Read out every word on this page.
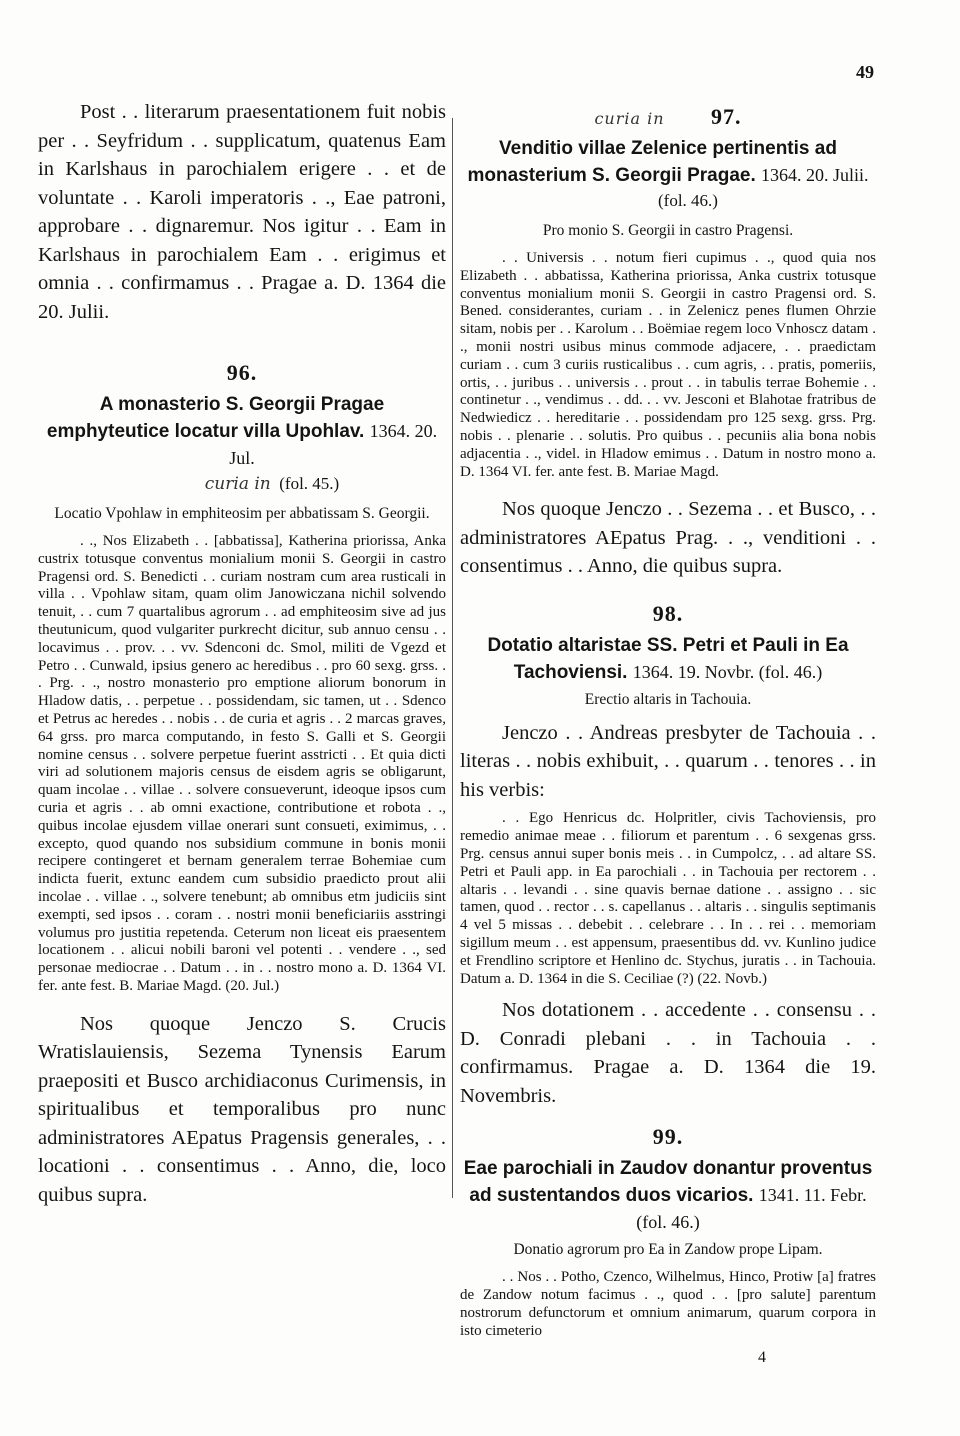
49

Post . . literarum praesentationem fuit nobis per . . Seyfridum . . supplicatum, quatenus Eam in Karlshaus in parochialem erigere . . et de voluntate . . Karoli imperatoris . ., Eae patroni, approbare . . dignaremur. Nos igitur . . Eam in Karlshaus in parochialem Eam . . erigimus et omnia . . confirmamus . . Pragae a. D. 1364 die 20. Julii.

96.
A monasterio S. Georgii Pragae emphyteutice locatur villa Upohlav. 1364. 20. Jul.
curia in (fol. 45.)
Locatio Vpohlaw in emphiteosim per abbatissam S. Georgii.

. ., Nos Elizabeth . . [abbatissa], Katherina priorissa, Anka custrix totusque conventus monialium monii S. Georgii in castro Pragensi ord. S. Benedicti . . curiam nostram cum area rusticali in villa . . Vpohlaw sitam, quam olim Janowiczana nichil solvendo tenuit, . . cum 7 quartalibus agrorum . . ad emphiteosim sive ad jus theutunicum, quod vulgariter purkrecht dicitur, sub annuo censu . . locavimus . . prov. . . vv. Sdenconi dc. Smol, militi de Vgezd et Petro . . Cunwald, ipsius genero ac heredibus . . pro 60 sexg. grss. . . Prg. . ., nostro monasterio pro emptione aliorum bonorum in Hladow datis, . . perpetue . . possidendam, sic tamen, ut . . Sdenco et Petrus ac heredes . . nobis . . de curia et agris . . 2 marcas graves, 64 grss. pro marca computando, in festo S. Galli et S. Georgii nomine census . . solvere perpetue fuerint asstricti . . Et quia dicti viri ad solutionem majoris census de eisdem agris se obligarunt, quam incolae . . villae . . solvere consueverunt, ideoque ipsos cum curia et agris . . ab omni exactione, contributione et robota . ., quibus incolae ejusdem villae onerari sunt consueti, eximimus, . . excepto, quod quando nos subsidium commune in bonis monii recipere contingeret et bernam generalem terrae Bohemiae cum indicta fuerit, extunc eandem cum subsidio praedicto prout alii incolae . . villae . ., solvere tenebunt; ab omnibus etm judiciis sint exempti, sed ipsos . . coram . . nostri monii beneficiariis asstringi volumus pro justitia repetenda. Ceterum non liceat eis praesentem locationem . . alicui nobili baroni vel potenti . . vendere . ., sed personae mediocrae . . Datum . . in . . nostro mono a. D. 1364 VI. fer. ante fest. B. Mariae Magd. (20. Jul.)

Nos quoque Jenczo S. Crucis Wratislauiensis, Sezema Tynensis Earum praepositi et Busco archidiaconus Curimensis, in spiritualibus et temporalibus pro nunc administratores AEpatus Pragensis generales, . . locationi . . consentimus . . Anno, die, loco quibus supra.

curia in 97.
Venditio villae Zelenice pertinentis ad monasterium S. Georgii Pragae. 1364. 20. Julii.
(fol. 46.)
Pro monio S. Georgii in castro Pragensi.

. . Universis . . notum fieri cupimus . ., quod quia nos Elizabeth . . abbatissa, Katherina priorissa, Anka custrix totusque conventus monialium monii S. Georgii in castro Pragensi ord. S. Bened. considerantes, curiam . . in Zelenicz penes flumen Ohrzie sitam, nobis per . . Karolum . . Boëmiae regem loco Vnhoscz datam . ., monii nostri usibus minus commode adjacere, . . praedictam curiam . . cum 3 curiis rusticalibus . . cum agris, . . pratis, pomeriis, ortis, . . juribus . . universis . . prout . . in tabulis terrae Bohemie . . continetur . ., vendimus . . dd. . . vv. Jesconi et Blahotae fratribus de Nedwiedicz . . hereditarie . . possidendam pro 125 sexg. grss. Prg. nobis . . plenarie . . solutis. Pro quibus . . pecuniis alia bona nobis adjacentia . ., videl. in Hladow emimus . . Datum in nostro mono a. D. 1364 VI. fer. ante fest. B. Mariae Magd.

Nos quoque Jenczo . . Sezema . . et Busco, . . administratores AEpatus Prag. . ., venditioni . . consentimus . . Anno, die quibus supra.

98.
Dotatio altaristae SS. Petri et Pauli in Ea Tachoviensi. 1364. 19. Novbr. (fol. 46.)
Erectio altaris in Tachouia.

Jenczo . . Andreas presbyter de Tachouia . . literas . . nobis exhibuit, . . quarum . . tenores . . in his verbis:

. . Ego Henricus dc. Holpritler, civis Tachoviensis, pro remedio animae meae . . filiorum et parentum . . 6 sexgenas grss. Prg. census annui super bonis meis . . in Cumpolcz, . . ad altare SS. Petri et Pauli app. in Ea parochiali . . in Tachouia per rectorem . . altaris . . levandi . . sine quavis bernae datione . . assigno . . sic tamen, quod . . rector . . s. capellanus . . altaris . . singulis septimanis 4 vel 5 missas . . debebit . . celebrare . . In . . rei . . memoriam sigillum meum . . est appensum, praesentibus dd. vv. Kunlino judice et Frendlino scriptore et Henlino dc. Stychus, juratis . . in Tachouia. Datum a. D. 1364 in die S. Ceciliae (?) (22. Novb.)

Nos dotationem . . accedente . . consensu . . D. Conradi plebani . . in Tachouia . . confirmamus. Pragae a. D. 1364 die 19. Novembris.

99.
Eae parochiali in Zaudov donantur proventus ad sustentandos duos vicarios. 1341. 11. Febr. (fol. 46.)
Donatio agrorum pro Ea in Zandow prope Lipam.

. . Nos . . Potho, Czenco, Wilhelmus, Hinco, Protiw [a] fratres de Zandow notum facimus . ., quod . . [pro salute] parentum nostrorum defunctorum et omnium animarum, quarum corpora in isto cimeterio

4
